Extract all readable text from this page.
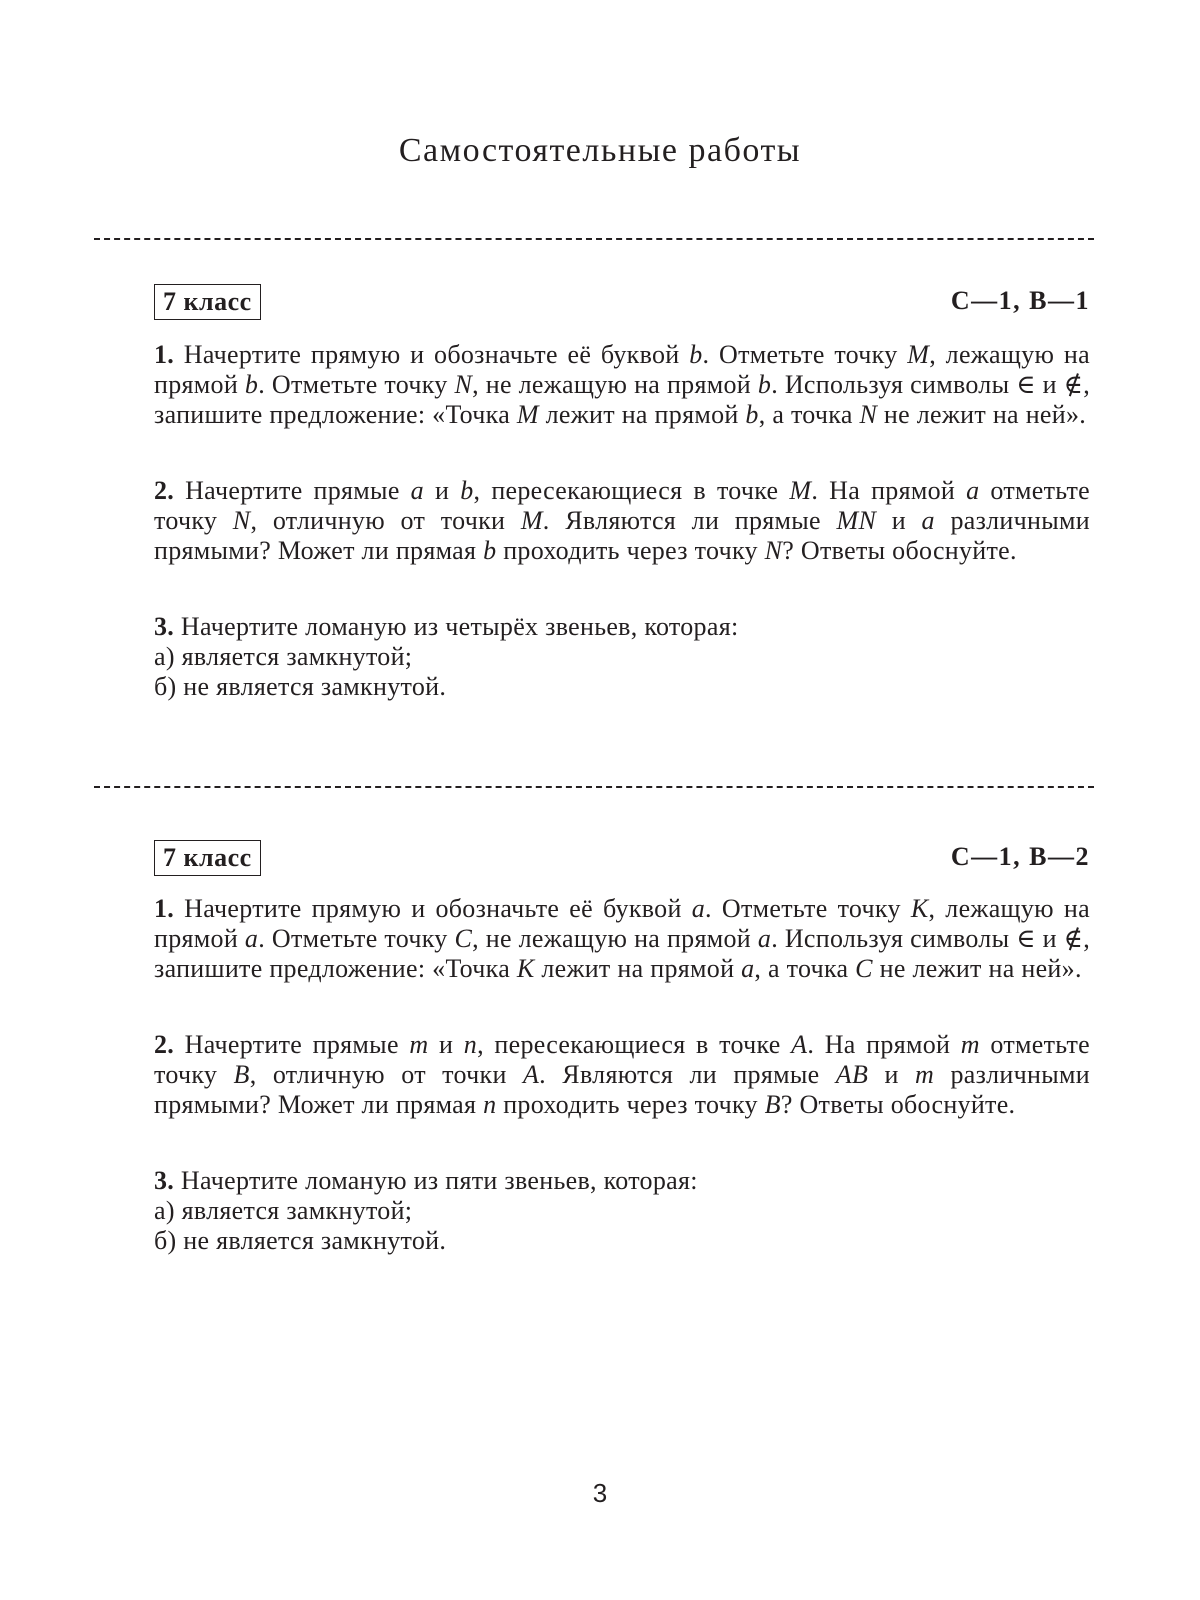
Самостоятельные работы
7 класс	С—1, В—1

1. Начертите прямую и обозначьте её буквой b. Отметьте точку M, лежащую на прямой b. Отметьте точку N, не лежащую на прямой b. Используя символы ∈ и ∉, запишите предложение: «Точка M лежит на прямой b, а точка N не лежит на ней».

2. Начертите прямые a и b, пересекающиеся в точке M. На прямой a отметьте точку N, отличную от точки M. Являются ли прямые MN и a различными прямыми? Может ли прямая b проходить через точку N? Ответы обоснуйте.

3. Начертите ломаную из четырёх звеньев, которая:

а) является замкнутой;

б) не является замкнутой.

7 класс	С—1, В—2

1. Начертите прямую и обозначьте её буквой a. Отметьте точку K, лежащую на прямой a. Отметьте точку C, не лежащую на прямой a. Используя символы ∈ и ∉, запишите предложение: «Точка K лежит на прямой a, а точка C не лежит на ней».

2. Начертите прямые m и n, пересекающиеся в точке A. На прямой m отметьте точку B, отличную от точки A. Являются ли прямые AB и m различными прямыми? Может ли прямая n проходить через точку B? Ответы обоснуйте.

3. Начертите ломаную из пяти звеньев, которая:

а) является замкнутой;

б) не является замкнутой.

3
